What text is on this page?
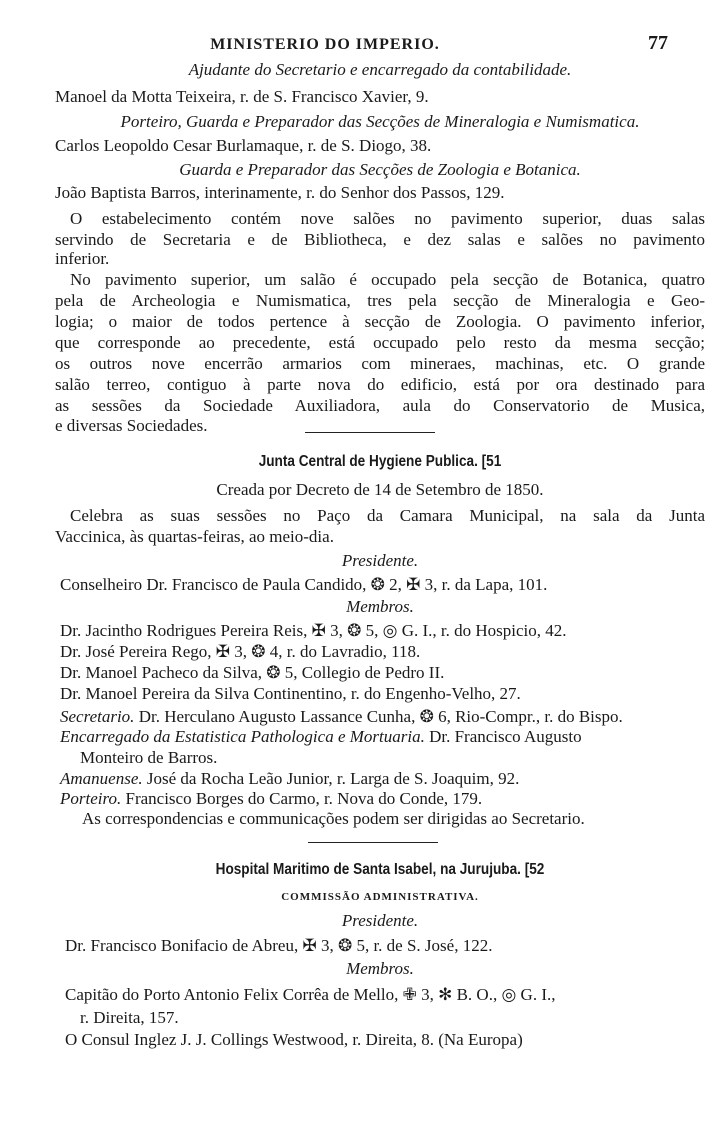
MINISTERIO DO IMPERIO.	77
Ajudante do Secretario e encarregado da contabilidade.
Manoel da Motta Teixeira, r. de S. Francisco Xavier, 9.
Porteiro, Guarda e Preparador das Secções de Mineralogia e Numismatica.
Carlos Leopoldo Cesar Burlamaque, r. de S. Diogo, 38.
Guarda e Preparador das Secções de Zoologia e Botanica.
João Baptista Barros, interinamente, r. do Senhor dos Passos, 129.
O estabelecimento contém nove salões no pavimento superior, duas salas
servindo de Secretaria e de Bibliotheca, e dez salas e salões no pavimento
inferior.
No pavimento superior, um salão é occupado pela secção de Botanica, quatro
pela de Archeologia e Numismatica, tres pela secção de Mineralogia e Geo-
logia; o maior de todos pertence à secção de Zoologia. O pavimento inferior,
que corresponde ao precedente, está occupado pelo resto da mesma secção;
os outros nove encerrão armarios com mineraes, machinas, etc. O grande
salão terreo, contiguo à parte nova do edificio, está por ora destinado para
as sessões da Sociedade Auxiliadora, aula do Conservatorio de Musica,
e diversas Sociedades.
Junta Central de Hygiene Publica. [51
Creada por Decreto de 14 de Setembro de 1850.
Celebra as suas sessões no Paço da Camara Municipal, na sala da Junta
Vaccinica, às quartas-feiras, ao meio-dia.
Presidente.
Conselheiro Dr. Francisco de Paula Candido, ❂ 2, ✠ 3, r. da Lapa, 101.
Membros.
Dr. Jacintho Rodrigues Pereira Reis, ✠ 3, ❂ 5, ◎ G. I., r. do Hospicio, 42.
Dr. José Pereira Rego, ✠ 3, ❂ 4, r. do Lavradio, 118.
Dr. Manoel Pacheco da Silva, ❂ 5, Collegio de Pedro II.
Dr. Manoel Pereira da Silva Continentino, r. do Engenho-Velho, 27.
Secretario. Dr. Herculano Augusto Lassance Cunha, ❂ 6, Rio-Compr., r. do Bispo.
Encarregado da Estatistica Pathologica e Mortuaria. Dr. Francisco Augusto
Monteiro de Barros.
Amanuense. José da Rocha Leão Junior, r. Larga de S. Joaquim, 92.
Porteiro. Francisco Borges do Carmo, r. Nova do Conde, 179.
As correspondencias e communicações podem ser dirigidas ao Secretario.
Hospital Maritimo de Santa Isabel, na Jurujuba. [52
COMMISSÃO ADMINISTRATIVA.
Presidente.
Dr. Francisco Bonifacio de Abreu, ✠ 3, ❂ 5, r. de S. José, 122.
Membros.
Capitão do Porto Antonio Felix Corrêa de Mello, ✙ 3, ✻ B. O., ◎ G. I.,
r. Direita, 157.
O Consul Inglez J. J. Collings Westwood, r. Direita, 8. (Na Europa)
